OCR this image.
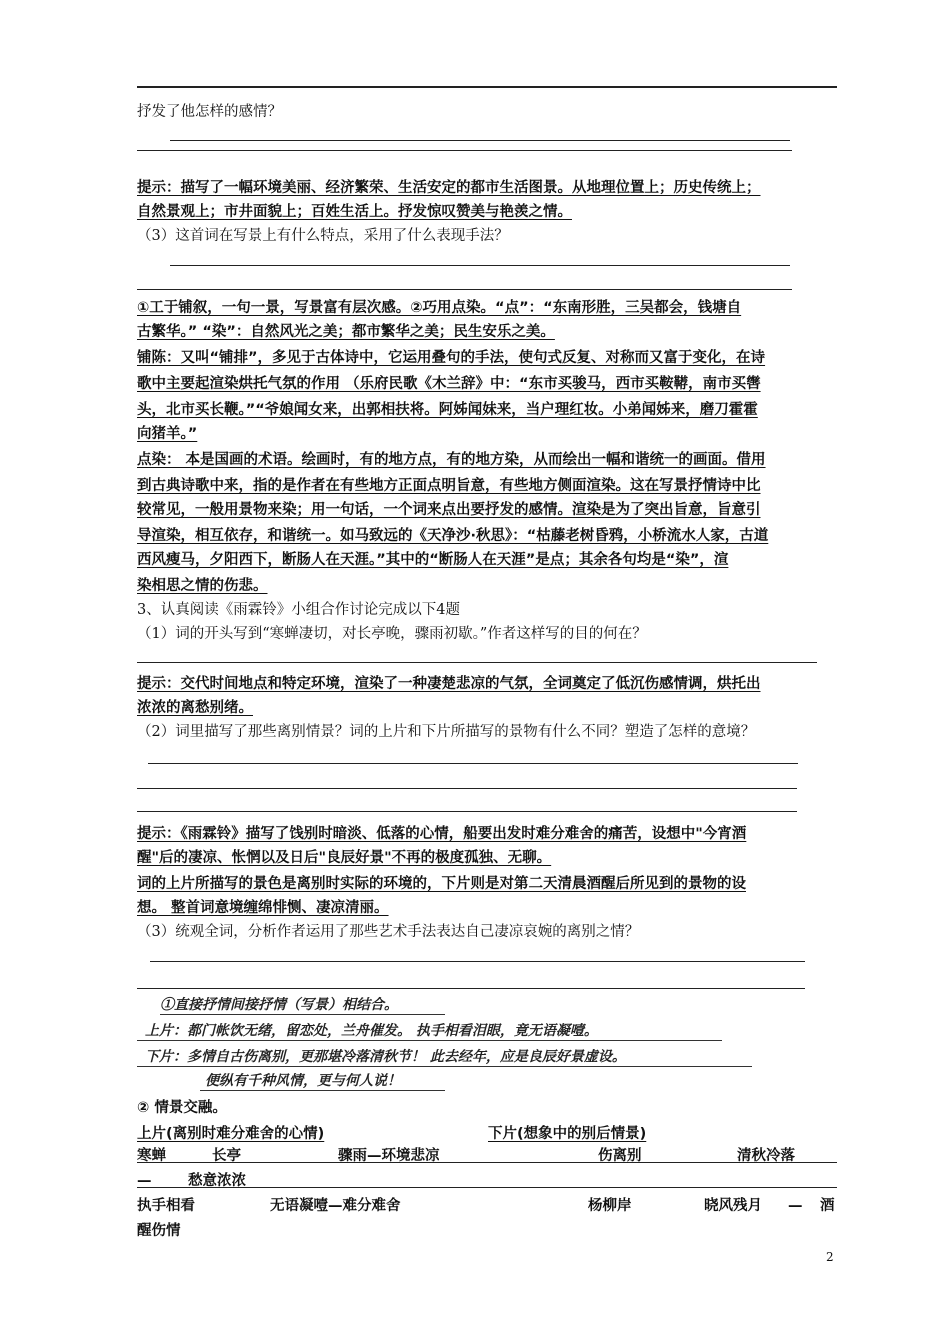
抒发了他怎样的感情？
提示：描写了一幅环境美丽、经济繁荣、生活安定的都市生活图景。从地理位置上；历史传统上；
自然景观上；市井面貌上；百姓生活上。抒发惊叹赞美与艳羡之情。
（3）这首词在写景上有什么特点，采用了什么表现手法？
①工于铺叙，一句一景，写景富有层次感。②巧用点染。“点”：“东南形胜，三吴都会，钱塘自
古繁华。” “染”：自然风光之美；都市繁华之美；民生安乐之美。
铺陈：又叫“铺排”，多见于古体诗中，它运用叠句的手法，使句式反复、对称而又富于变化，在诗
歌中主要起渲染烘托气氛的作用 （乐府民歌《木兰辞》中：“东市买骏马，西市买鞍鞯，南市买辔
头，北市买长鞭。”“爷娘闻女来，出郭相扶将。阿姊闻妹来，当户理红妆。小弟闻姊来，磨刀霍霍
向猪羊。”
点染： 本是国画的术语。绘画时，有的地方点，有的地方染，从而绘出一幅和谐统一的画面。借用
到古典诗歌中来，指的是作者在有些地方正面点明旨意，有些地方侧面渲染。这在写景抒情诗中比
较常见，一般用景物来染；用一句话，一个词来点出要抒发的感情。渲染是为了突出旨意，旨意引
导渲染，相互依存，和谐统一。如马致远的《天净沙·秋思》：“枯藤老树昏鸦，小桥流水人家，古道
西风瘦马，夕阳西下，断肠人在天涯。”其中的“断肠人在天涯”是点；其余各句均是“染”，渲
染相思之情的伤悲。
3、认真阅读《雨霖铃》小组合作讨论完成以下4题
（1）词的开头写到“寒蝉凄切，对长亭晚，骤雨初歇。”作者这样写的目的何在？
提示：交代时间地点和特定环境，渲染了一种凄楚悲凉的气氛，全词奠定了低沉伤感情调，烘托出
浓浓的离愁别绪。
（2）词里描写了那些离别情景？词的上片和下片所描写的景物有什么不同？塑造了怎样的意境？
提示：《雨霖铃》描写了饯别时暗淡、低落的心情，船要出发时难分难舍的痛苦，设想中"今宵酒
醒"后的凄凉、怅惘以及日后"良辰好景"不再的极度孤独、无聊。
词的上片所描写的景色是离别时实际的环境的，下片则是对第二天清晨酒醒后所见到的景物的设
想。 整首词意境缠绵悱恻、凄凉清丽。
（3）统观全词，分析作者运用了那些艺术手法表达自己凄凉哀婉的离别之情？
①直接抒情间接抒情（写景）相结合。
上片：都门帐饮无绪，留恋处，兰舟催发。 执手相看泪眼，竟无语凝噎。
下片：多情自古伤离别，更那堪冷落清秋节！ 此去经年，应是良辰好景虚设。
便纵有千种风情，更与何人说！
② 情景交融。
上片(离别时难分难舍的心情)	下片(想象中的别后情景)
寒蝉	长亭	骤雨—环境悲凉	伤离别	清秋冷落
—	愁意浓浓
执手相看	无语凝噎—难分难舍	杨柳岸	晓风残月 — 酒
醒伤情
2
